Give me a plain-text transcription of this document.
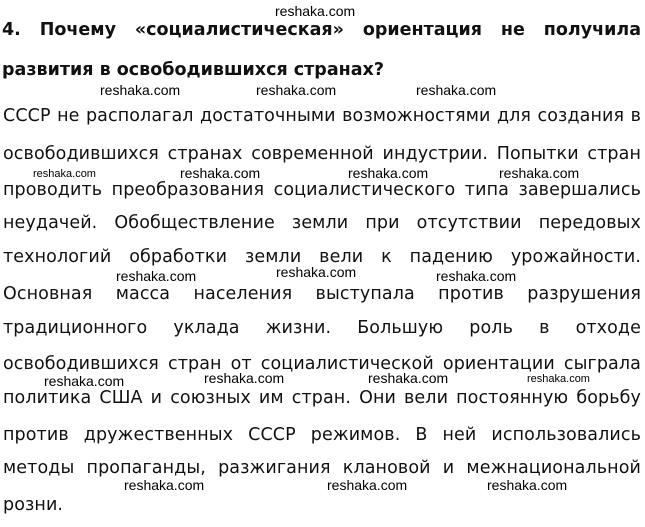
4. Почему «социалистическая» ориентация не получила
развития в освободившихся странах?
СССР не располагал достаточными возможностями для создания в
освободившихся странах современной индустрии. Попытки стран
проводить преобразования социалистического типа завершались
неудачей. Обобществление земли при отсутствии передовых
технологий обработки земли вели к падению урожайности.
Основная масса населения выступала против разрушения
традиционного уклада жизни. Большую роль в отходе
освободившихся стран от социалистической ориентации сыграла
политика США и союзных им стран. Они вели постоянную борьбу
против дружественных СССР режимов. В ней использовались
методы пропаганды, разжигания клановой и межнациональной
розни.
reshaka.com
reshaka.com	reshaka.com	reshaka.com
reshaka.com	reshaka.com	reshaka.com	reshaka.com
reshaka.com	reshaka.com	reshaka.com
reshaka.com	reshaka.com	reshaka.com	reshaka.com
reshaka.com	reshaka.com	reshaka.com
